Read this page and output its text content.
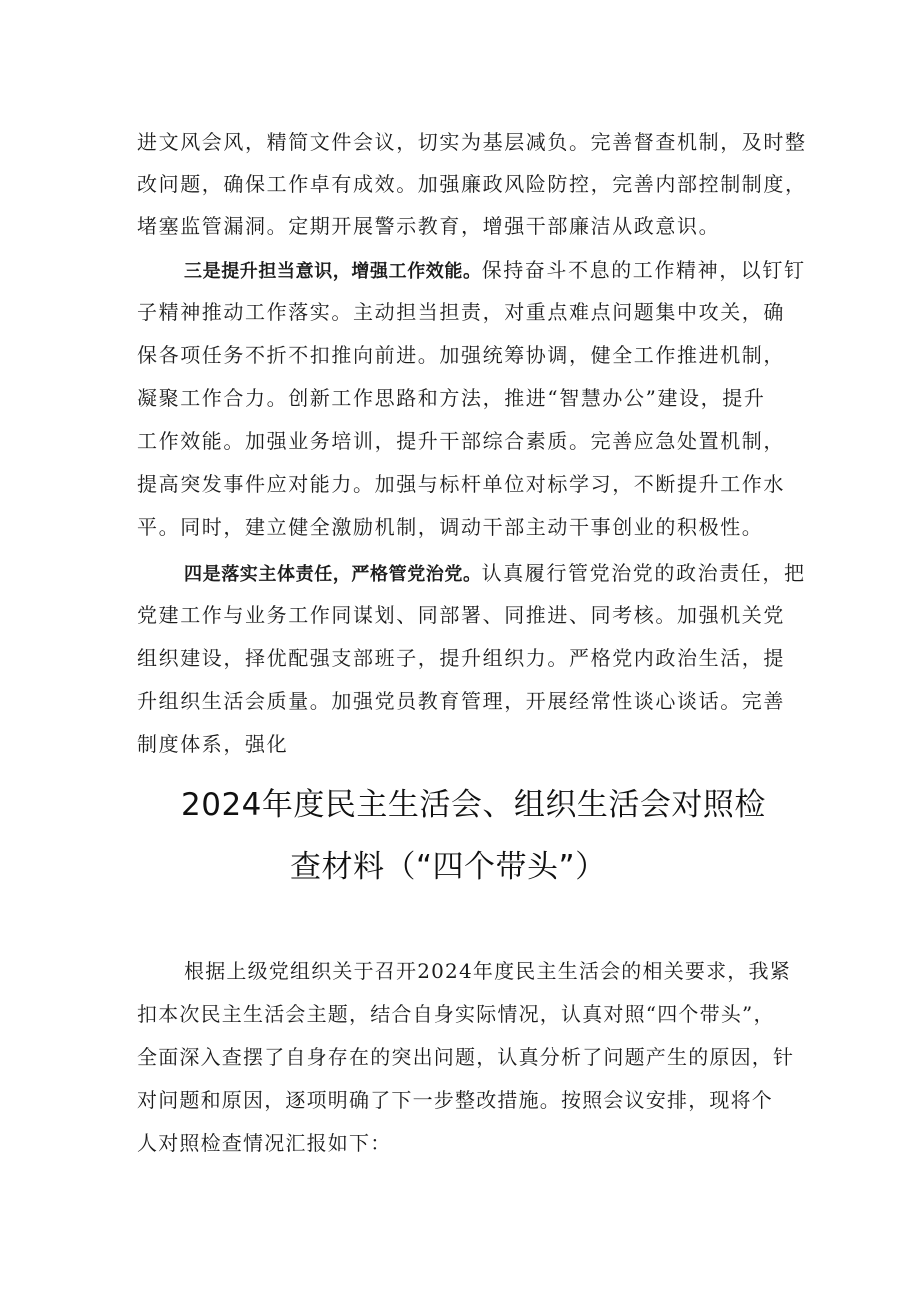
进文风会风，精简文件会议，切实为基层减负。完善督查机制，及时整
改问题，确保工作卓有成效。加强廉政风险防控，完善内部控制制度，
堵塞监管漏洞。定期开展警示教育，增强干部廉洁从政意识。
三是提升担当意识，增强工作效能。保持奋斗不息的工作精神，以钉钉
子精神推动工作落实。主动担当担责，对重点难点问题集中攻关，确
保各项任务不折不扣推向前进。加强统筹协调，健全工作推进机制，
凝聚工作合力。创新工作思路和方法，推进“智慧办公”建设，提升
工作效能。加强业务培训，提升干部综合素质。完善应急处置机制，
提高突发事件应对能力。加强与标杆单位对标学习，不断提升工作水
平。同时，建立健全激励机制，调动干部主动干事创业的积极性。
四是落实主体责任，严格管党治党。认真履行管党治党的政治责任，把
党建工作与业务工作同谋划、同部署、同推进、同考核。加强机关党
组织建设，择优配强支部班子，提升组织力。严格党内政治生活，提
升组织生活会质量。加强党员教育管理，开展经常性谈心谈话。完善
制度体系，强化
2024年度民主生活会、组织生活会对照检
查材料（“四个带头”）
根据上级党组织关于召开2024年度民主生活会的相关要求，我紧
扣本次民主生活会主题，结合自身实际情况，认真对照“四个带头”，
全面深入查摆了自身存在的突出问题，认真分析了问题产生的原因，针
对问题和原因，逐项明确了下一步整改措施。按照会议安排，现将个
人对照检查情况汇报如下：
